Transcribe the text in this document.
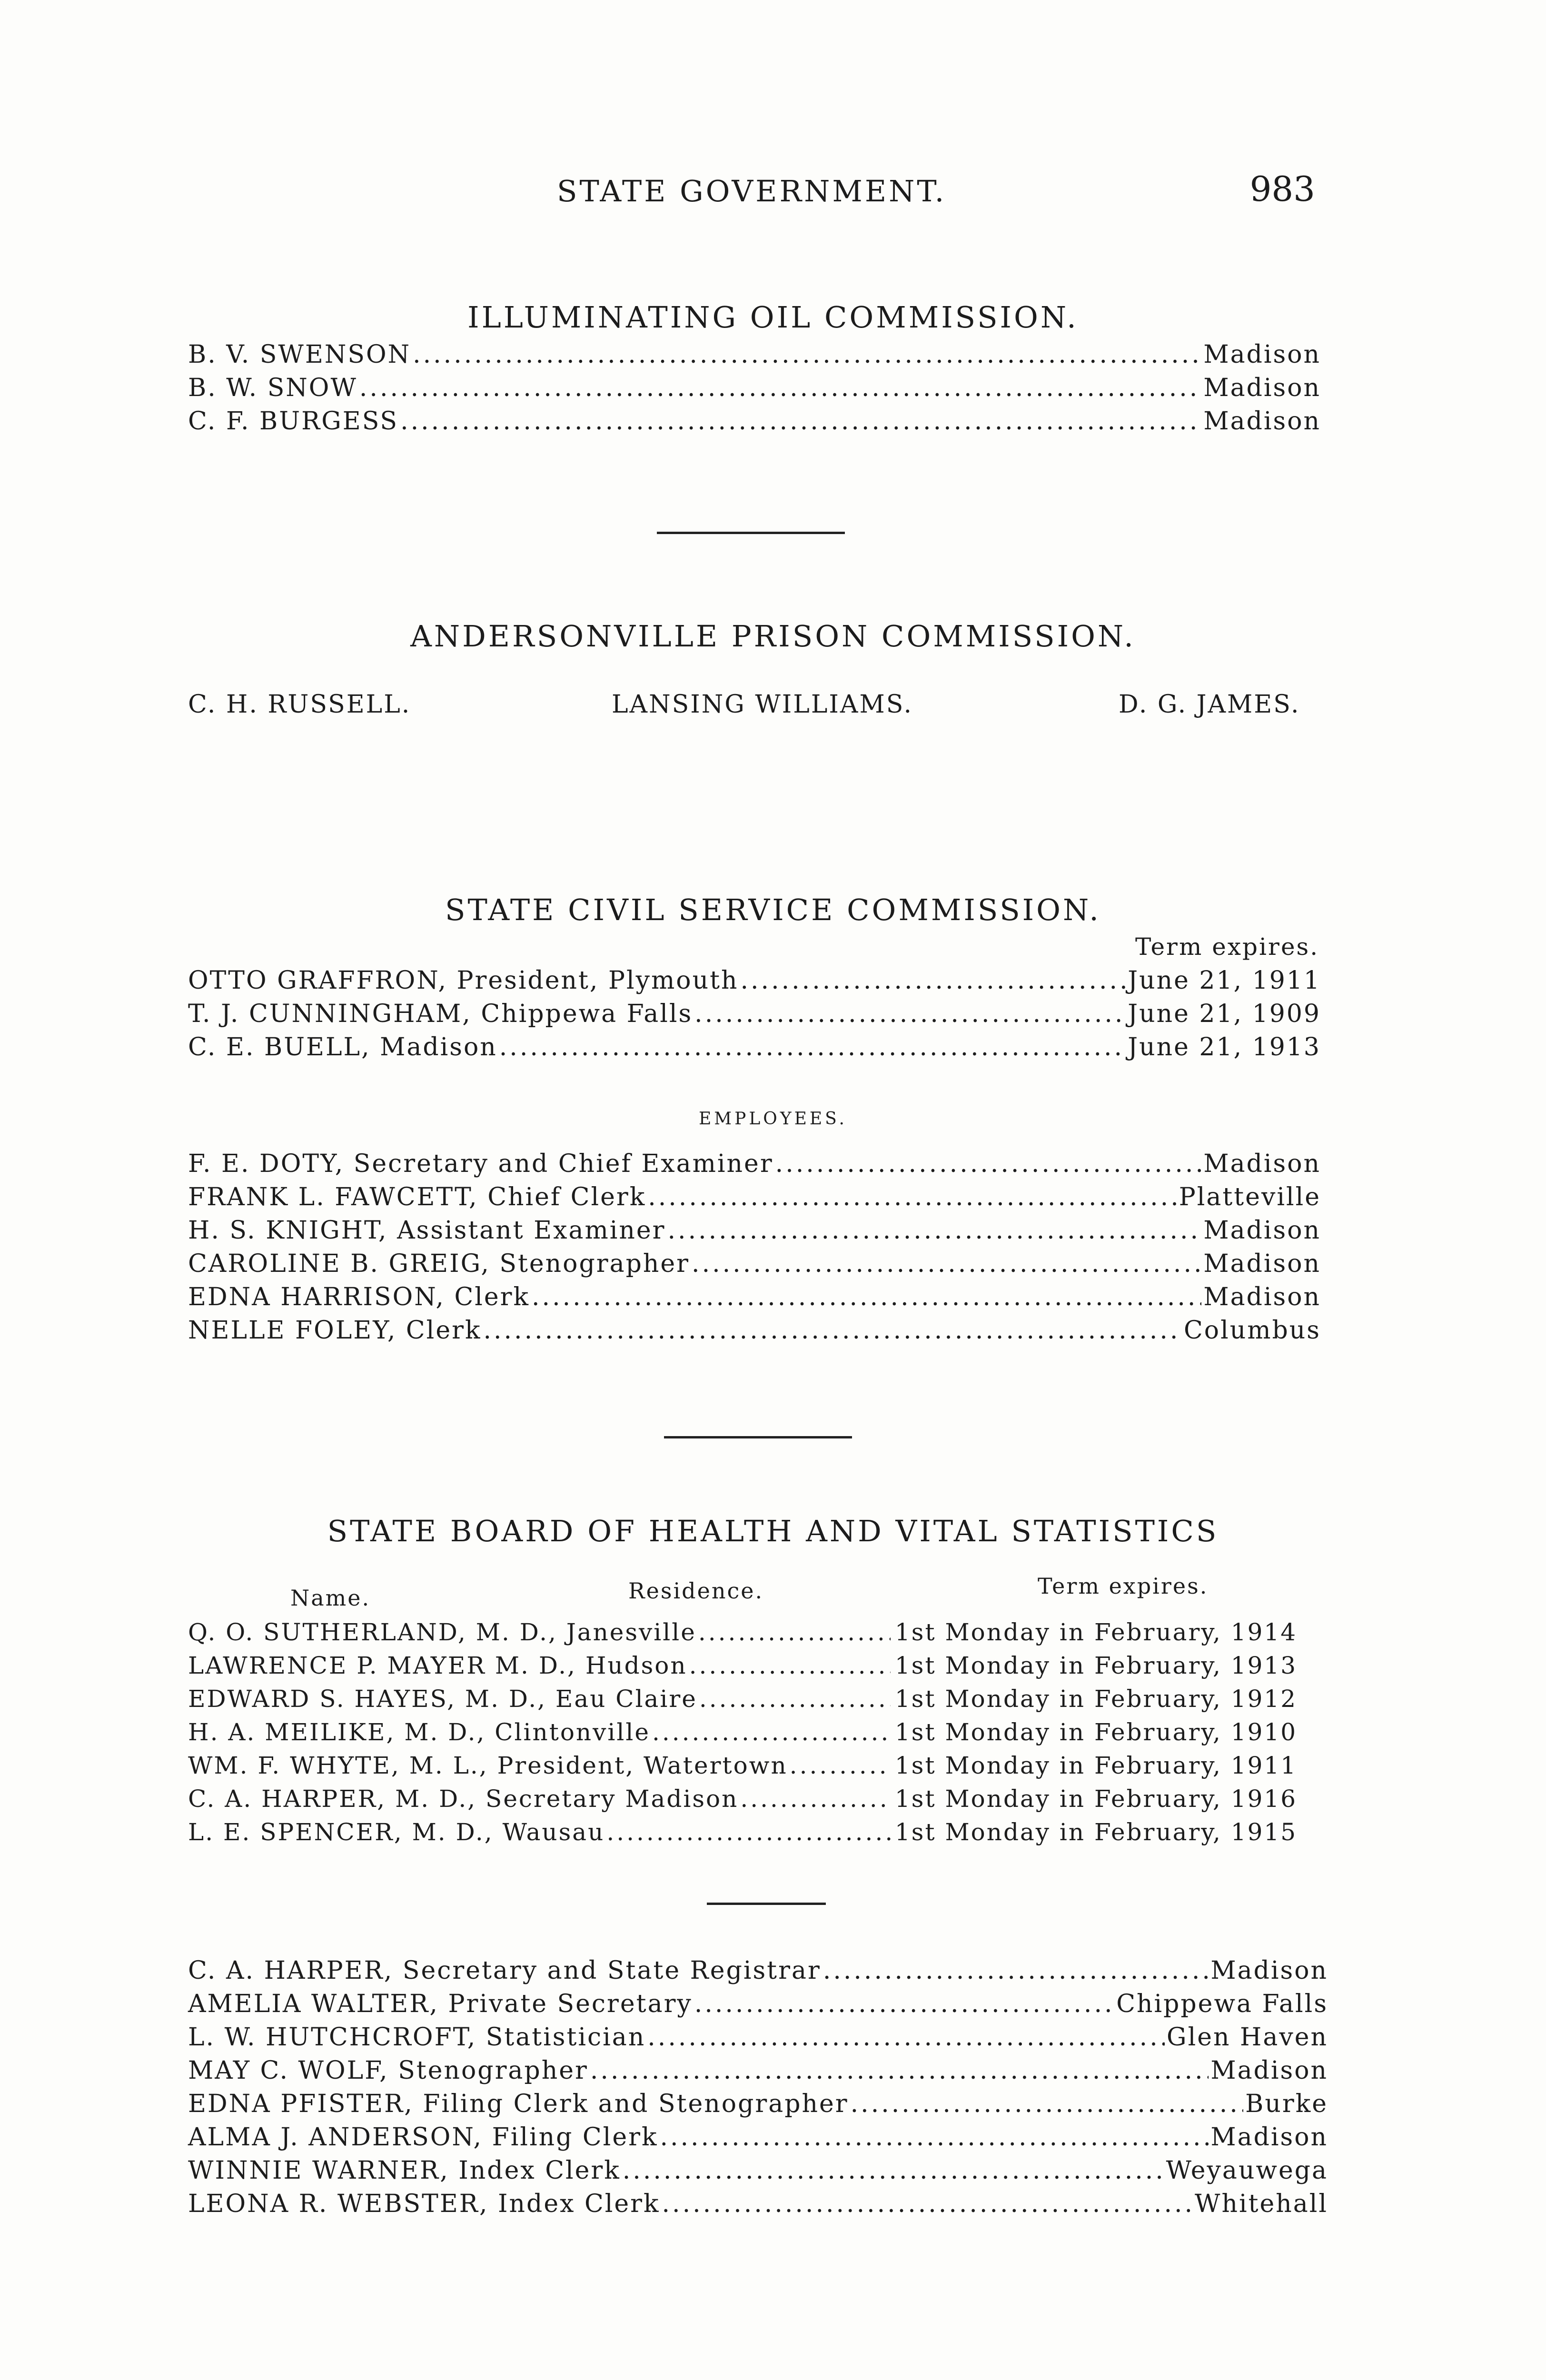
STATE GOVERNMENT.	983
ILLUMINATING OIL COMMISSION.
B. V. SWENSON .....	Madison
B. W. SNOW .....	Madison
C. F. BURGESS .....	Madison
ANDERSONVILLE PRISON COMMISSION.
C. H. RUSSELL.	LANSING WILLIAMS.	D. G. JAMES.
STATE CIVIL SERVICE COMMISSION.
Term expires.
OTTO GRAFFRON, President, Plymouth .....	June 21, 1911
T. J. CUNNINGHAM, Chippewa Falls .....	June 21, 1909
C. E. BUELL, Madison .....	June 21, 1913
EMPLOYEES.
F. E. DOTY, Secretary and Chief Examiner .....	Madison
FRANK L. FAWCETT, Chief Clerk .....	Platteville
H. S. KNIGHT, Assistant Examiner .....	Madison
CAROLINE B. GREIG, Stenographer .....	Madison
EDNA HARRISON, Clerk .....	Madison
NELLE FOLEY, Clerk .....	Columbus
STATE BOARD OF HEALTH AND VITAL STATISTICS
Name.	Residence.	Term expires.
Q. O. SUTHERLAND, M. D., Janesville .....	1st Monday in February, 1914
LAWRENCE P. MAYER M. D., Hudson .....	1st Monday in February, 1913
EDWARD S. HAYES, M. D., Eau Claire .....	1st Monday in February, 1912
H. A. MEILIKE, M. D., Clintonville .....	1st Monday in February, 1910
WM. F. WHYTE, M. L., President, Watertown .....	1st Monday in February, 1911
C. A. HARPER, M. D., Secretary Madison .....	1st Monday in February, 1916
L. E. SPENCER, M. D., Wausau .....	1st Monday in February, 1915
C. A. HARPER, Secretary and State Registrar .....	Madison
AMELIA WALTER, Private Secretary .....	Chippewa Falls
L. W. HUTCHCROFT, Statistician .....	Glen Haven
MAY C. WOLF, Stenographer .....	Madison
EDNA PFISTER, Filing Clerk and Stenographer .....	Burke
ALMA J. ANDERSON, Filing Clerk .....	Madison
WINNIE WARNER, Index Clerk .....	Weyauwega
LEONA R. WEBSTER, Index Clerk .....	Whitehall
